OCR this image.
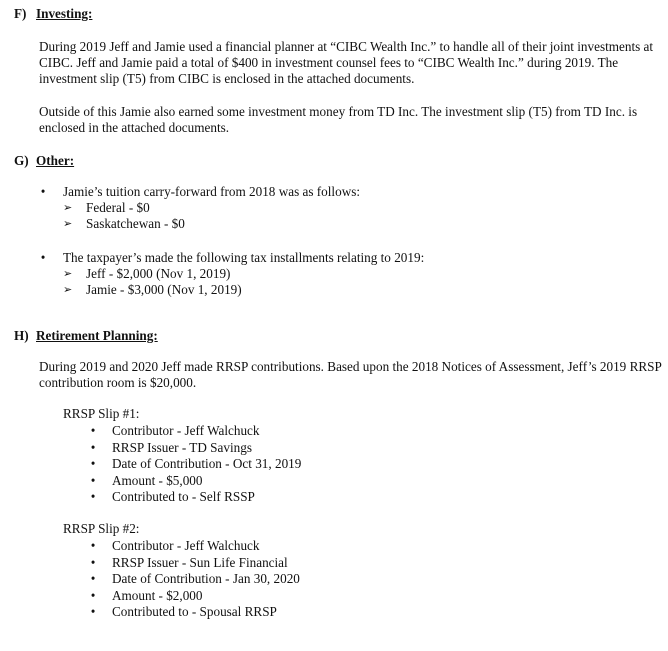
F) Investing:

During 2019 Jeff and Jamie used a financial planner at “CIBC Wealth Inc.” to handle all of their joint investments at CIBC. Jeff and Jamie paid a total of $400 in investment counsel fees to “CIBC Wealth Inc.” during 2019. The investment slip (T5) from CIBC is enclosed in the attached documents.

Outside of this Jamie also earned some investment money from TD Inc. The investment slip (T5) from TD Inc. is enclosed in the attached documents.

G) Other:
• Jamie’s tuition carry-forward from 2018 was as follows:
➢ Federal - $0
➢ Saskatchewan - $0
• The taxpayer’s made the following tax installments relating to 2019:
➢ Jeff - $2,000 (Nov 1, 2019)
➢ Jamie - $3,000 (Nov 1, 2019)
H) Retirement Planning:

During 2019 and 2020 Jeff made RRSP contributions. Based upon the 2018 Notices of Assessment, Jeff’s 2019 RRSP contribution room is $20,000.

RRSP Slip #1:
• Contributor - Jeff Walchuck
• RRSP Issuer - TD Savings
• Date of Contribution - Oct 31, 2019
• Amount - $5,000
• Contributed to - Self RSSP
RRSP Slip #2:
• Contributor - Jeff Walchuck
• RRSP Issuer - Sun Life Financial
• Date of Contribution - Jan 30, 2020
• Amount - $2,000
• Contributed to - Spousal RRSP
